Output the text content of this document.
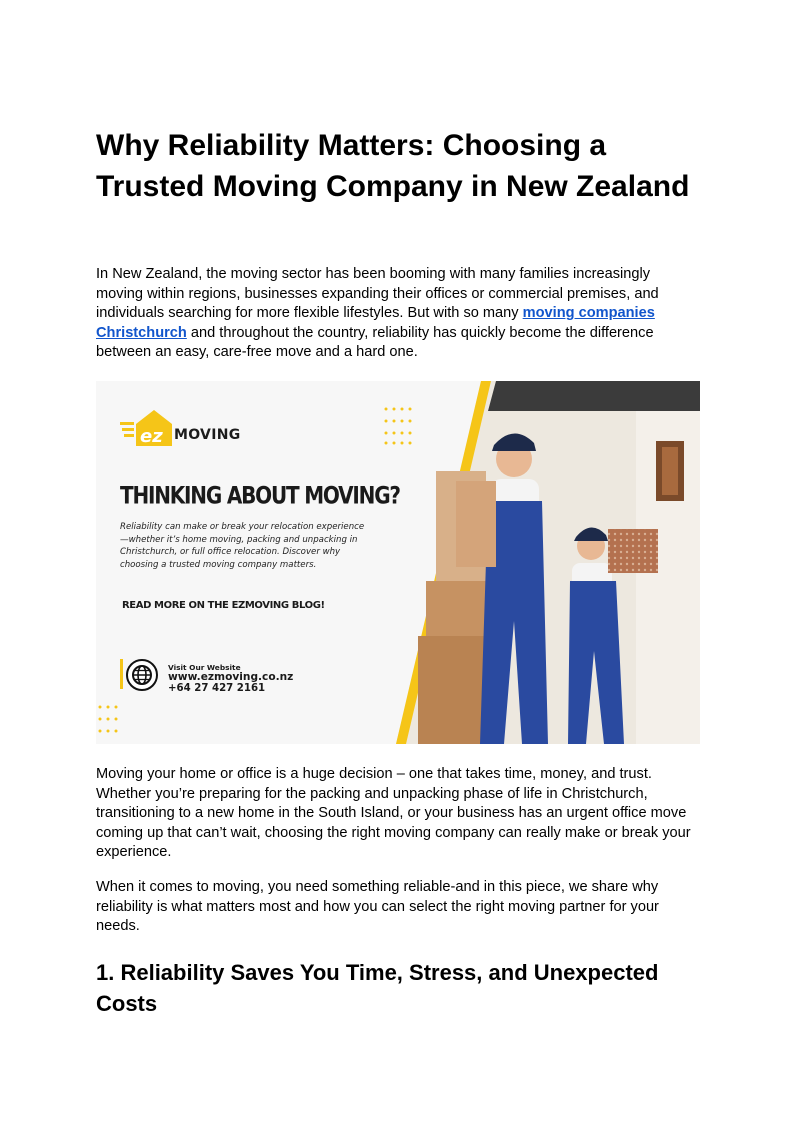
Why Reliability Matters: Choosing a Trusted Moving Company in New Zealand

In New Zealand, the moving sector has been booming with many families increasingly moving within regions, businesses expanding their offices or commercial premises, and individuals searching for more flexible lifestyles. But with so many moving companies Christchurch and throughout the country, reliability has quickly become the difference between an easy, care-free move and a hard one.

ez MOVING
THINKING ABOUT MOVING?
Reliability can make or break your relocation experience—whether it’s home moving, packing and unpacking in Christchurch, or full office relocation. Discover why choosing a trusted moving company matters.
READ MORE ON THE EZMOVING BLOG!
Visit Our Website
www.ezmoving.co.nz
+64 27 427 2161

Moving your home or office is a huge decision – one that takes time, money, and trust. Whether you’re preparing for the packing and unpacking phase of life in Christchurch, transitioning to a new home in the South Island, or your business has an urgent office move coming up that can’t wait, choosing the right moving company can really make or break your experience.

When it comes to moving, you need something reliable-and in this piece, we share why reliability is what matters most and how you can select the right moving partner for your needs.

1. Reliability Saves You Time, Stress, and Unexpected Costs
